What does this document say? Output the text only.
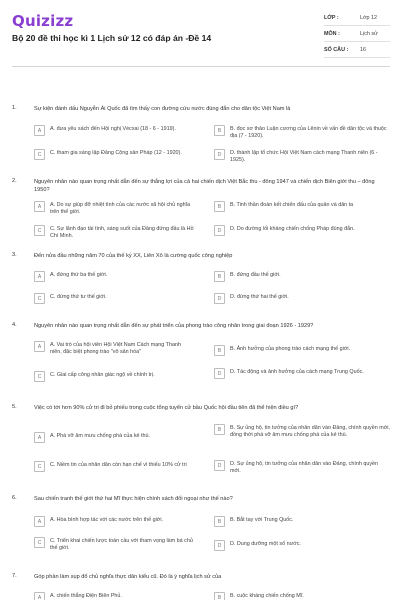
Quizizz
Bộ 20 đề thi học kì 1 Lịch sử 12 có đáp án -Đề 14
LỚP :	Lớp 12
MÔN :	Lịch sử
SỐ CÂU :	16
1.	Sự kiện đánh dấu Nguyễn Ái Quốc đã tìm thấy con đường cứu nước đúng đắn cho dân tộc Việt Nam là
A	A. đưa yêu sách đến Hội nghị Vécxai (18 - 6 - 1919).	B	B. đọc sơ thảo Luận cương của Lênin về vấn đề dân tộc và thuộc địa (7 - 1920).
C	C. tham gia sáng lập Đảng Cộng sản Pháp (12 - 1920).	D	D. thành lập tổ chức Hội Việt Nam cách mạng Thanh niên (6 - 1925).
2.	Nguyên nhân nào quan trọng nhất dẫn đến sự thắng lợi của cả hai chiến dịch Việt Bắc thu - đông 1947 và chiến dịch Biên giới thu – đông 1950?
A	A. Do sự giúp đỡ nhiệt tình của các nước xã hội chủ nghĩa trên thế giới.
B	B. Tinh thần đoàn kết chiến đấu của quân và dân ta
C	C. Sự lãnh đạo tài tình, sáng suốt của Đảng đứng đầu là Hồ Chí Minh.
D	D. Do đường lối kháng chiến chống Pháp đúng đắn.
3.	Đến nửa đầu những năm 70 của thế kỷ XX, Liên Xô là cường quốc công nghiệp
A	A. đứng thứ ba thế giới.	B	B. đứng đầu thế giới.
C	C. đứng thứ tư thế giới.	D	D. đứng thứ hai thế giới.
4.	Nguyên nhân nào quan trọng nhất dẫn đến sự phát triển của phong trào công nhân trong giai đoạn 1926 - 1929?
A	A. Vai trò của hội viên Hội Việt Nam Cách mạng Thanh niên, đặc biệt phong trào "vô sản hóa"	B	B. Ảnh hưởng của phong trào cách mạng thế giới.
C	C. Giai cấp công nhân giác ngộ về chính trị.	D	D. Tác động và ảnh hưởng của cách mạng Trung Quốc.
5.	Việc có tới hơn 90% cử tri đi bỏ phiếu trong cuộc tổng tuyển cử bầu Quốc hội đầu tiên đã thể hiện điều gì?
A	A. Phá vỡ âm mưu chống phá của kẻ thù.
B	B. Sự ủng hộ, tin tưởng của nhân dân vào Đảng, chính quyền mới, đồng thời phá vỡ âm mưu chống phá của kẻ thù.
C	C. Niềm tin của nhân dân còn hạn chế vì thiếu 10% cử tri	D	D. Sự ủng hộ, tin tưởng của nhân dân vào Đảng, chính quyền mới.
6.	Sau chiến tranh thế giới thứ hai Mĩ thực hiện chính sách đối ngoại như thế nào?
A	A. Hòa bình hợp tác với các nước trên thế giới.	B	B. Bắt tay với Trung Quốc.
C	C. Triển khai chiến lược toàn cầu với tham vọng làm bá chủ thế giới.	D	D. Dung dưỡng một số nước.
7.	Góp phần làm sụp đổ chủ nghĩa thực dân kiểu cũ. Đó là ý nghĩa lịch sử của
A	A. chiến thắng Điện Biên Phủ.	B	B. cuộc kháng chiến chống Mĩ.
